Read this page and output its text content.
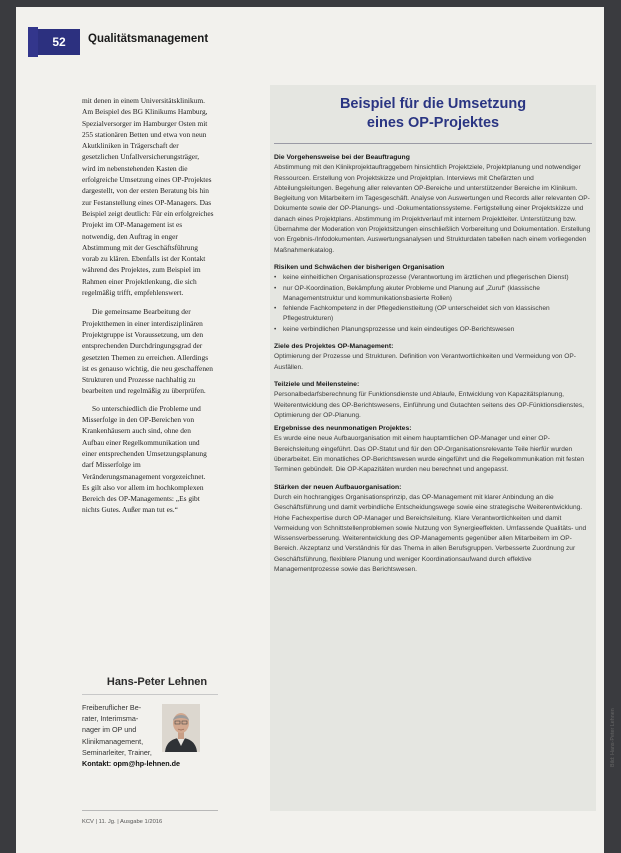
52	Qualitätsmanagement

mit denen in einem Universitätsklinikum. Am Beispiel des BG Klinikums Hamburg, Spezialversorger im Hamburger Osten mit 255 stationären Betten und etwa von neun Akutkliniken in Trägerschaft der gesetzlichen Unfallversicherungsträger, wird im nebenstehenden Kasten die erfolgreiche Umsetzung eines OP-Projektes dargestellt, von der ersten Beratung bis hin zur Festanstellung eines OP-Managers. Das Beispiel zeigt deutlich: Für ein erfolgreiches Projekt im OP-Management ist es notwendig, den Auftrag in enger Abstimmung mit der Geschäftsführung vorab zu klären. Ebenfalls ist der Kontakt während des Projektes, zum Beispiel im Rahmen einer Projektlenkung, die sich regelmäßig trifft, empfehlenswert.

Die gemeinsame Bearbeitung der Projektthemen in einer interdisziplinären Projektgruppe ist Voraussetzung, um den entsprechenden Durchdringungsgrad der gesetzten Themen zu erreichen. Allerdings ist es genauso wichtig, die neu geschaffenen Strukturen und Prozesse nachhaltig zu bearbeiten und regelmäßig zu überprüfen.

So unterschiedlich die Probleme und Misserfolge in den OP-Bereichen von Krankenhäusern auch sind, ohne den Aufbau einer Regelkommunikation und einer entsprechenden Umsetzungsplanung darf Misserfolge im Veränderungsmanagement vorgezeichnet. Es gilt also vor allem im hochkomplexen Bereich des OP-Managements: „Es gibt nichts Gutes. Außer man tut es.“

Hans-Peter Lehnen
Freiberuflicher Be-
rater, Interimsma-
nager im OP und
Klinikmanagement,
Seminarleiter, Trainer,
Kontakt: opm@hp-lehnen.de
KCV | 11. Jg. | Ausgabe 1/2016
Beispiel für die Umsetzung
eines OP-Projektes
Die Vorgehensweise bei der Beauftragung

Abstimmung mit den Klinikprojektauftraggebern hinsichtlich Projektziele, Projektplanung und notwendiger Ressourcen. Erstellung von Projektskizze und Projektplan. Interviews mit Chefärzten und Abteilungsleitungen. Begehung aller relevanten OP-Bereiche und unterstützender Bereiche im Klinikum. Begleitung von Mitarbeitern im Tagesgeschäft. Analyse von Auswertungen und Records aller relevanten OP-Dokumente sowie der OP-Planungs- und -Dokumentationssysteme. Fertigstellung einer Projektskizze und danach eines Projektplans. Abstimmung im Projektverlauf mit internem Projektleiter. Unterstützung bzw. Übernahme der Moderation von Projektsitzungen einschließlich Vorbereitung und Dokumentation. Erstellung von Ergebnis-/Infodokumenten. Auswertungsanalysen und Strukturdaten tabellen nach einem vorliegenden Maßnahmenkatalog.

Risiken und Schwächen der bisherigen Organisation
• keine einheitlichen Organisationsprozesse (Verantwortung im ärztlichen und pflegerischen Dienst)
• nur OP-Koordination, Bekämpfung akuter Probleme und Planung auf „Zuruf“ (klassische Managementstruktur und kommunikationsbasierte Rollen)
• fehlende Fachkompetenz in der Pflegedienstleitung (OP unterscheidet sich von klassischen Pflegestrukturen)
• keine verbindlichen Planungsprozesse und kein eindeutiges OP-Berichtswesen
Ziele des Projektes OP-Management:

Optimierung der Prozesse und Strukturen. Definition von Verantwortlichkeiten und Vermeidung von OP-Ausfällen.

Teilziele und Meilensteine:

Personalbedarfsberechnung für Funktionsdienste und Ablaufe, Entwicklung von Kapazitätsplanung, Weiterentwicklung des OP-Berichtswesens, Einführung und Gutachten seitens des OP-Fünktionsdienstes, Optimierung der OP-Planung.

Ergebnisse des neunmonatigen Projektes:

Es wurde eine neue Aufbauorganisation mit einem hauptamtlichen OP-Manager und einer OP-Bereichsleitung eingeführt. Das OP-Statut und für den OP-Organisationsrelevante Teile hierfür wurden überarbeitet. Ein monatliches OP-Berichtswesen wurde eingeführt und die Regelkommunikation mit festen Terminen gebündelt. Die OP-Kapazitäten wurden neu berechnet und angepasst.

Stärken der neuen Aufbauorganisation:

Durch ein hochrangiges Organisationsprinzip, das OP-Management mit klarer Anbindung an die Geschäftsführung und damit verbindliche Entscheidungswege sowie eine strategische Weiterentwicklung. Hohe Fachexpertise durch OP-Manager und Bereichsleitung. Klare Verantwortlichkeiten und damit Vermeidung von Schnittstellenproblemen sowie Nutzung von Synergieeffekten. Umfassende Qualitäts- und Wissensverbesserung. Weiterentwicklung des OP-Managements gegenüber allen Mitarbeitern im OP-Bereich. Akzeptanz und Verständnis für das Thema in allen Berufsgruppen. Verbesserte Zuordnung zur Geschäftsführung, flexiblere Planung und weniger Koordinationsaufwand durch effektive Managementprozesse sowie das Berichtswesen.

Bild: Hans-Peter Lehnen
